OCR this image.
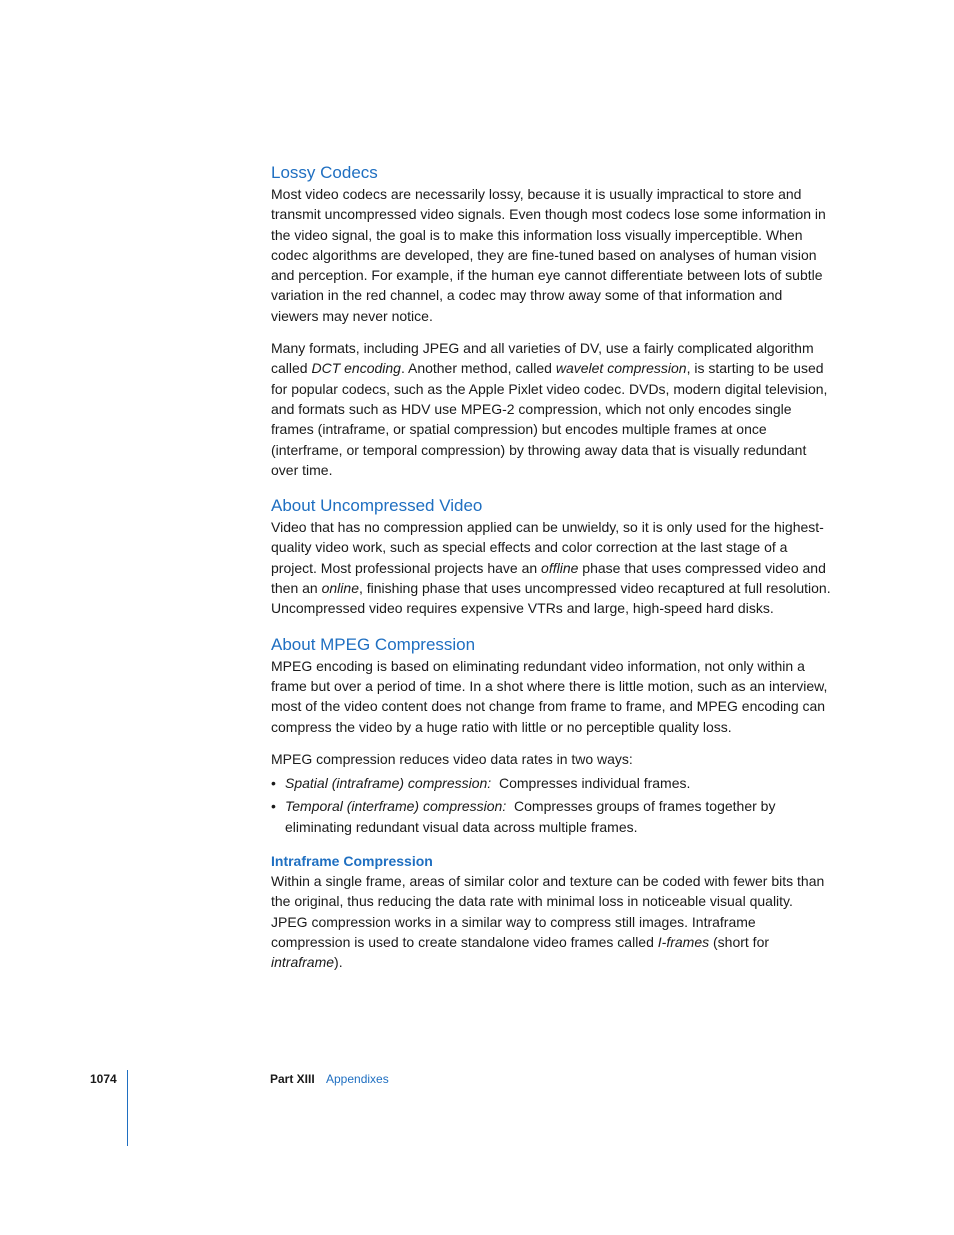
Lossy Codecs

Most video codecs are necessarily lossy, because it is usually impractical to store and transmit uncompressed video signals. Even though most codecs lose some information in the video signal, the goal is to make this information loss visually imperceptible. When codec algorithms are developed, they are fine-tuned based on analyses of human vision and perception. For example, if the human eye cannot differentiate between lots of subtle variation in the red channel, a codec may throw away some of that information and viewers may never notice.

Many formats, including JPEG and all varieties of DV, use a fairly complicated algorithm called DCT encoding. Another method, called wavelet compression, is starting to be used for popular codecs, such as the Apple Pixlet video codec. DVDs, modern digital television, and formats such as HDV use MPEG-2 compression, which not only encodes single frames (intraframe, or spatial compression) but encodes multiple frames at once (interframe, or temporal compression) by throwing away data that is visually redundant over time.

About Uncompressed Video

Video that has no compression applied can be unwieldy, so it is only used for the highest-quality video work, such as special effects and color correction at the last stage of a project. Most professional projects have an offline phase that uses compressed video and then an online, finishing phase that uses uncompressed video recaptured at full resolution. Uncompressed video requires expensive VTRs and large, high-speed hard disks.

About MPEG Compression

MPEG encoding is based on eliminating redundant video information, not only within a frame but over a period of time. In a shot where there is little motion, such as an interview, most of the video content does not change from frame to frame, and MPEG encoding can compress the video by a huge ratio with little or no perceptible quality loss.

MPEG compression reduces video data rates in two ways:

• Spatial (intraframe) compression: Compresses individual frames.
• Temporal (interframe) compression: Compresses groups of frames together by eliminating redundant visual data across multiple frames.
Intraframe Compression

Within a single frame, areas of similar color and texture can be coded with fewer bits than the original, thus reducing the data rate with minimal loss in noticeable visual quality. JPEG compression works in a similar way to compress still images. Intraframe compression is used to create standalone video frames called I-frames (short for intraframe).

1074	Part XIII Appendixes
